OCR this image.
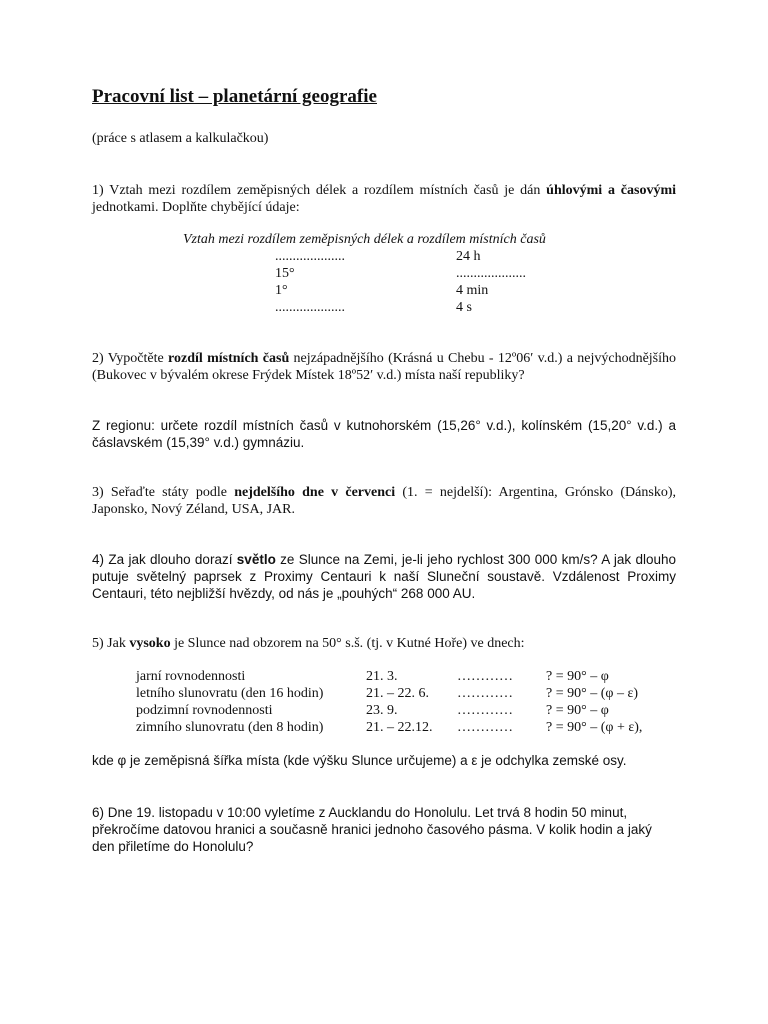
Pracovní list – planetární geografie
(práce s atlasem a kalkulačkou)
1) Vztah mezi rozdílem zeměpisných délek a rozdílem místních časů je dán úhlovými a časovými jednotkami. Doplňte chybějící údaje:
Vztah mezi rozdílem zeměpisných délek a rozdílem místních časů
....................	24 h
15°	....................
1°	4 min
....................	4 s
2) Vypočtěte rozdíl místních časů nejzápadnějšího (Krásná u Chebu - 12º06′ v.d.) a nejvýchodnějšího (Bukovec v bývalém okrese Frýdek Místek 18º52′ v.d.) místa naší republiky?
Z regionu: určete rozdíl místních časů v kutnohorském (15,26° v.d.), kolínském (15,20° v.d.) a čáslavském (15,39° v.d.) gymnáziu.
3) Seřaďte státy podle nejdelšího dne v červenci (1. = nejdelší): Argentina, Grónsko (Dánsko), Japonsko, Nový Zéland, USA, JAR.
4) Za jak dlouho dorazí světlo ze Slunce na Zemi, je-li jeho rychlost 300 000 km/s? A jak dlouho putuje světelný paprsek z Proximy Centauri k naší Sluneční soustavě. Vzdálenost Proximy Centauri, této nejbližší hvězdy, od nás je „pouhých“ 268 000 AU.
5) Jak vysoko je Slunce nad obzorem na 50° s.š. (tj. v Kutné Hoře) ve dnech:
jarní rovnodennosti	21. 3.	………… ? = 90° – φ
letního slunovratu (den 16 hodin)	21. – 22. 6. ………… ? = 90° – (φ – ε)
podzimní rovnodennosti	23. 9.	………… ? = 90° – φ
zimního slunovratu (den 8 hodin)	21. – 22.12. ………… ? = 90° – (φ + ε),
kde φ je zeměpisná šířka místa (kde výšku Slunce určujeme) a ε je odchylka zemské osy.
6) Dne 19. listopadu v 10:00 vyletíme z Aucklandu do Honolulu. Let trvá 8 hodin 50 minut, překročíme datovou hranici a současně hranici jednoho časového pásma. V kolik hodin a jaký den přiletíme do Honolulu?
